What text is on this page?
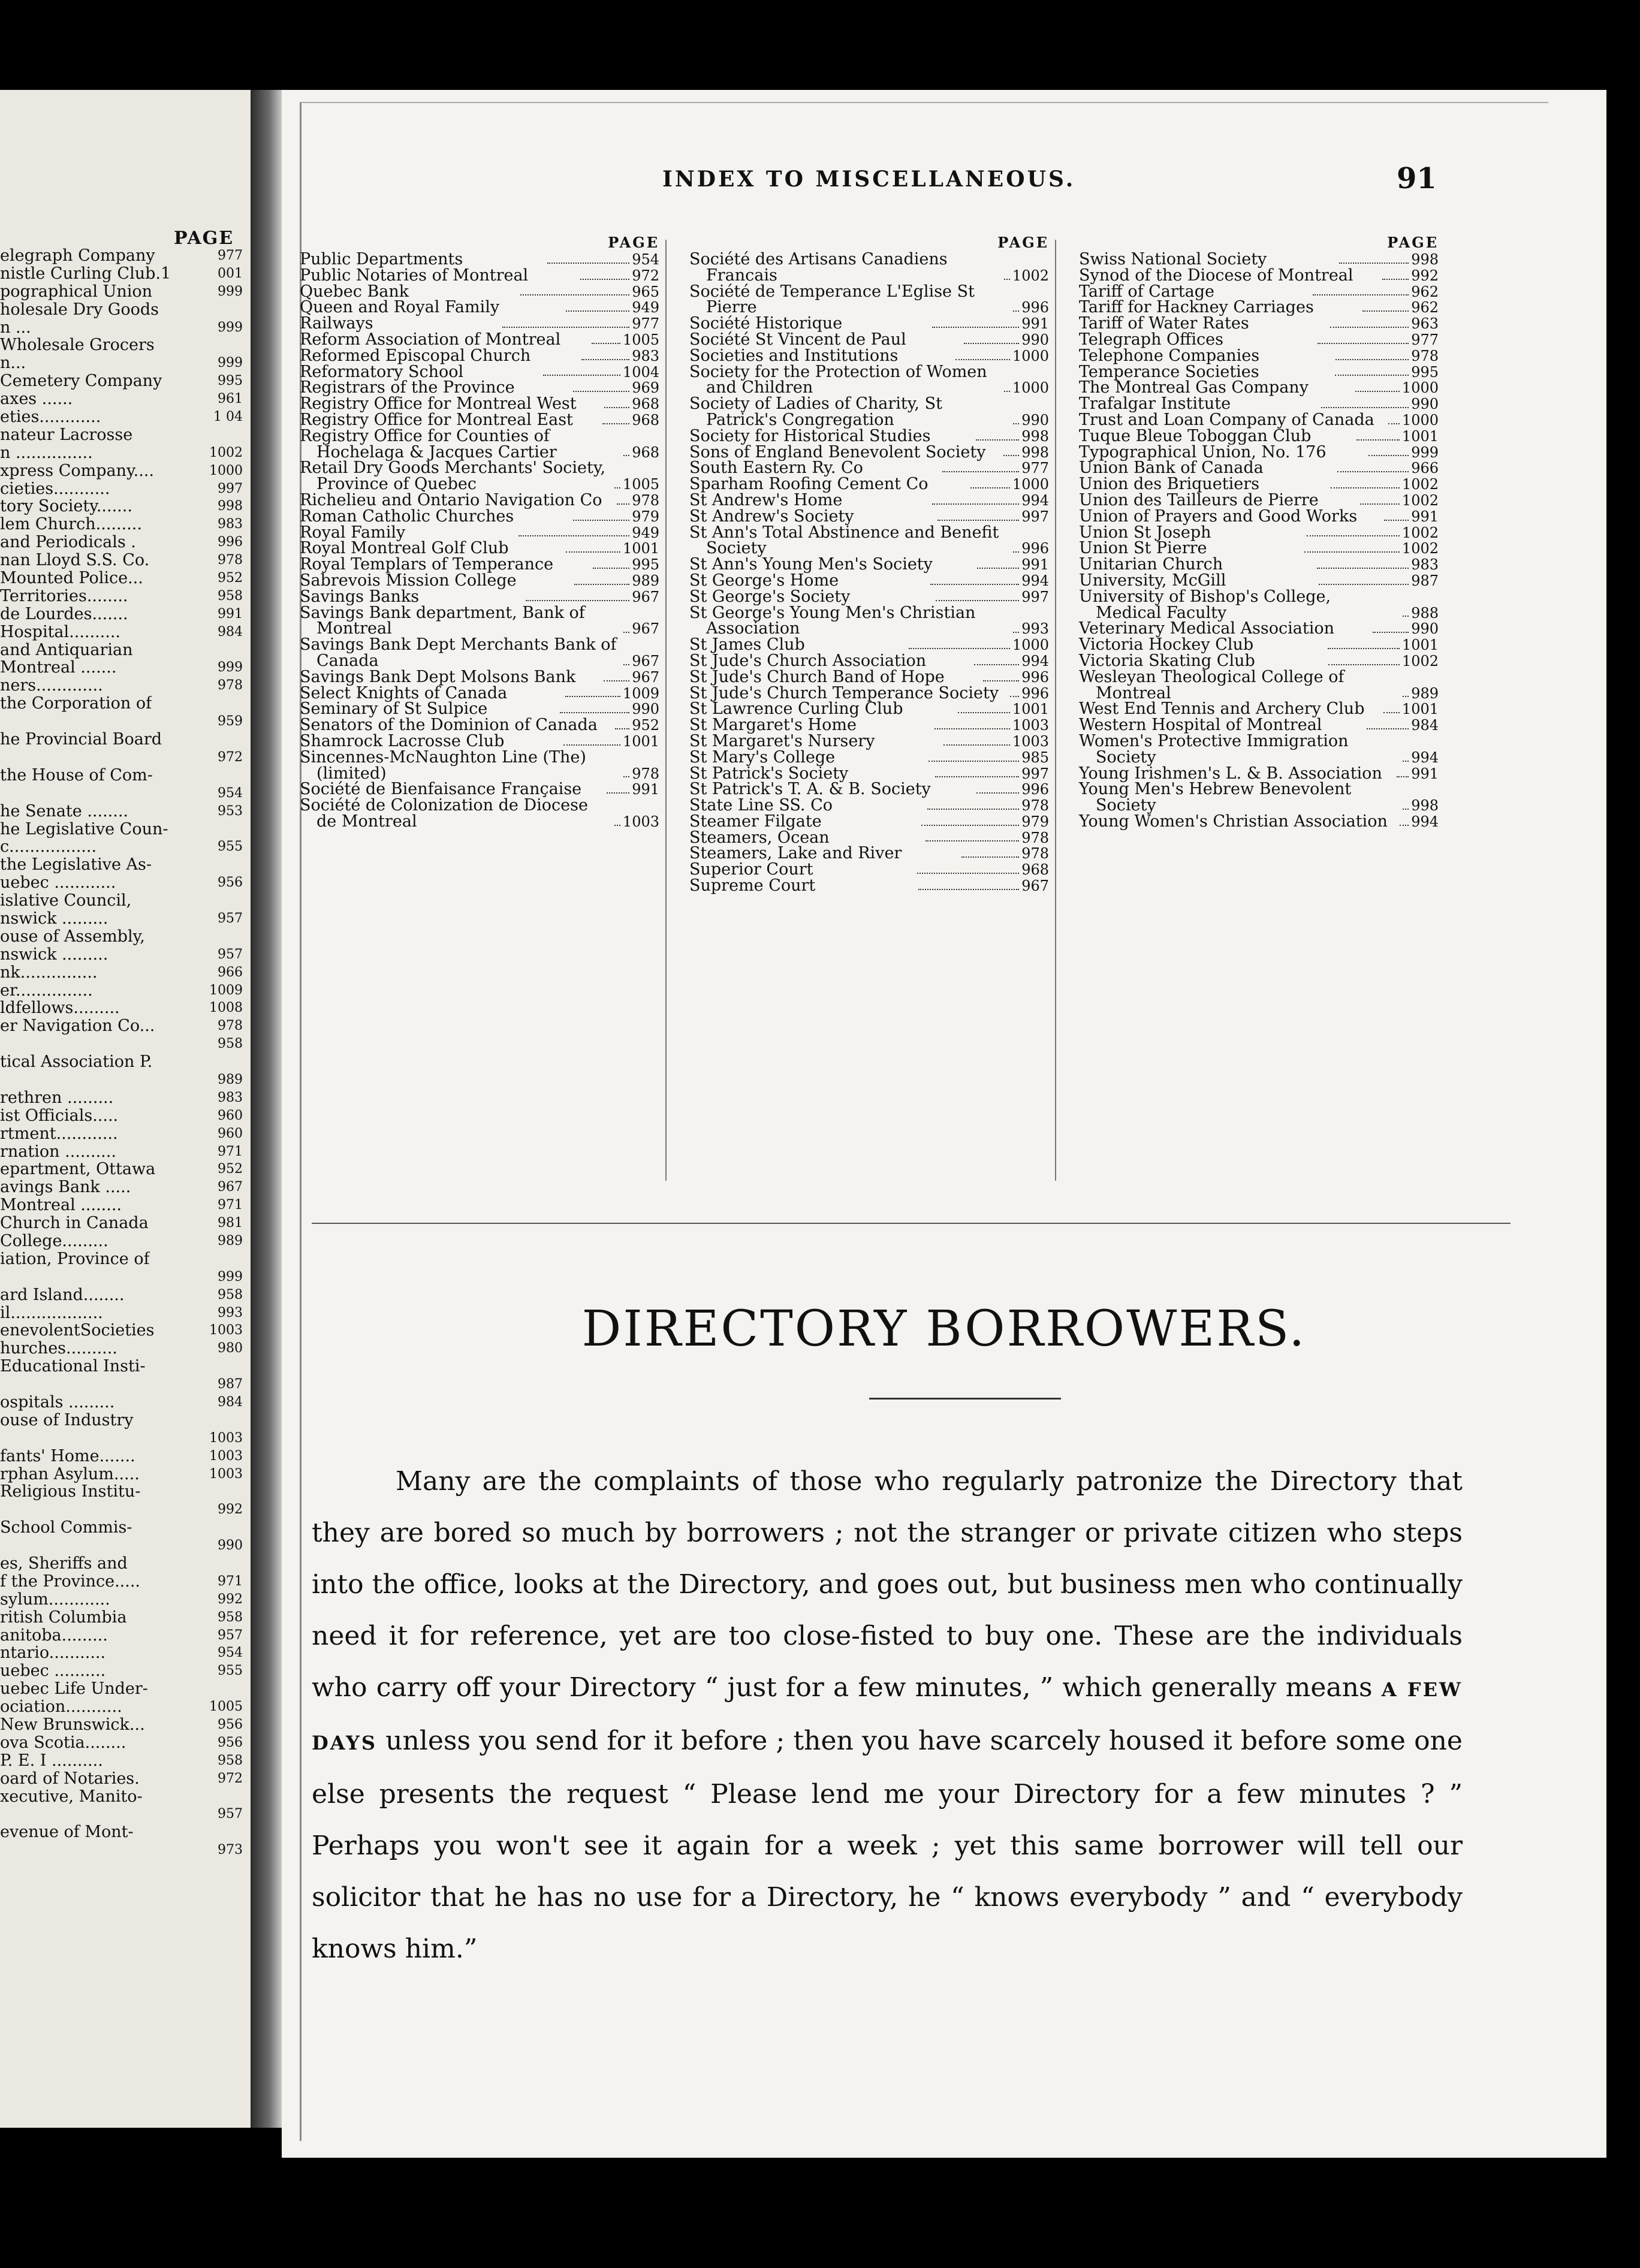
PAGE
elegraph Company	977
nistle Curling Club.1	001
pographical Union	999
holesale Dry Goods
n ...	999
Wholesale Grocers
n...	999
Cemetery Company	995
axes ......	961
eties............	1 04
nateur Lacrosse
n ...............	1002
xpress Company....	1000
cieties...........	997
tory Society.......	998
lem Church.........	983
and Periodicals .	996
nan Lloyd S.S. Co.	978
Mounted Police...	952
Territories........	958
de Lourdes.......	991
Hospital..........	984
and Antiquarian
Montreal .......	999
ners.............	978
the Corporation of
959
he Provincial Board
972
the House of Com-
954
he Senate ........	953
he Legislative Coun-
c.................	955
the Legislative As-
uebec ............	956
islative Council,
nswick .........	957
ouse of Assembly,
nswick .........	957
nk...............	966
er...............	1009
ldfellows.........	1008
er Navigation Co...	978
958
tical Association P.
989
rethren .........	983
ist Officials.....	960
rtment............	960
rnation ..........	971
epartment, Ottawa	952
avings Bank .....	967
Montreal ........	971
Church in Canada	981
College.........	989
iation, Province of
999
ard Island........	958
il..................	993
enevolentSocieties	1003
hurches..........	980
Educational Insti-
987
ospitals .........	984
ouse of Industry
1003
fants' Home.......	1003
rphan Asylum.....	1003
Religious Institu-
992
School Commis-
990
es, Sheriffs and
f the Province.....	971
sylum............	992
ritish Columbia	958
anitoba.........	957
ntario...........	954
uebec ..........	955
uebec Life Under-
ociation...........	1005
New Brunswick...	956
ova Scotia........	956
P. E. I ..........	958
oard of Notaries.	972
xecutive, Manito-
957
evenue of Mont-
973
INDEX TO MISCELLANEOUS.	91
PAGE
Public Departments	954
Public Notaries of Montreal	972
Quebec Bank	965
Queen and Royal Family	949
Railways	977
Reform Association of Montreal	1005
Reformed Episcopal Church	983
Reformatory School	1004
Registrars of the Province	969
Registry Office for Montreal West	968
Registry Office for Montreal East	968
Registry Office for Counties of Hochelaga & Jacques Cartier	968
Retail Dry Goods Merchants' Society, Province of Quebec	1005
Richelieu and Ontario Navigation Co	978
Roman Catholic Churches	979
Royal Family	949
Royal Montreal Golf Club	1001
Royal Templars of Temperance	995
Sabrevois Mission College	989
Savings Banks	967
Savings Bank department, Bank of Montreal	967
Savings Bank Dept Merchants Bank of Canada	967
Savings Bank Dept Molsons Bank	967
Select Knights of Canada	1009
Seminary of St Sulpice	990
Senators of the Dominion of Canada	952
Shamrock Lacrosse Club	1001
Sincennes-McNaughton Line (The) (limited)	978
Société de Bienfaisance Française	991
Société de Colonization de Diocese de Montreal	1003
PAGE
Société des Artisans Canadiens Francais	1002
Société de Temperance L'Eglise St Pierre	996
Société Historique	991
Société St Vincent de Paul	990
Societies and Institutions	1000
Society for the Protection of Women and Children	1000
Society of Ladies of Charity, St Patrick's Congregation	990
Society for Historical Studies	998
Sons of England Benevolent Society	998
South Eastern Ry. Co	977
Sparham Roofing Cement Co	1000
St Andrew's Home	994
St Andrew's Society	997
St Ann's Total Abstinence and Benefit Society	996
St Ann's Young Men's Society	991
St George's Home	994
St George's Society	997
St George's Young Men's Christian Association	993
St James Club	1000
St Jude's Church Association	994
St Jude's Church Band of Hope	996
St Jude's Church Temperance Society	996
St Lawrence Curling Club	1001
St Margaret's Home	1003
St Margaret's Nursery	1003
St Mary's College	985
St Patrick's Society	997
St Patrick's T. A. & B. Society	996
State Line SS. Co	978
Steamer Filgate	979
Steamers, Ocean	978
Steamers, Lake and River	978
Superior Court	968
Supreme Court	967
PAGE
Swiss National Society	998
Synod of the Diocese of Montreal	992
Tariff of Cartage	962
Tariff for Hackney Carriages	962
Tariff of Water Rates	963
Telegraph Offices	977
Telephone Companies	978
Temperance Societies	995
The Montreal Gas Company	1000
Trafalgar Institute	990
Trust and Loan Company of Canada	1000
Tuque Bleue Toboggan Club	1001
Typographical Union, No. 176	999
Union Bank of Canada	966
Union des Briquetiers	1002
Union des Tailleurs de Pierre	1002
Union of Prayers and Good Works	991
Union St Joseph	1002
Union St Pierre	1002
Unitarian Church	983
University, McGill	987
University of Bishop's College, Medical Faculty	988
Veterinary Medical Association	990
Victoria Hockey Club	1001
Victoria Skating Club	1002
Wesleyan Theological College of Montreal	989
West End Tennis and Archery Club	1001
Western Hospital of Montreal	984
Women's Protective Immigration Society	994
Young Irishmen's L. & B. Association	991
Young Men's Hebrew Benevolent Society	998
Young Women's Christian Association	994
DIRECTORY BORROWERS.

Many are the complaints of those who regularly patronize the Directory that they are bored so much by borrowers ; not the stranger or private citizen who steps into the office, looks at the Directory, and goes out, but business men who continually need it for reference, yet are too close-fisted to buy one. These are the individuals who carry off your Directory “ just for a few minutes, ” which generally means A FEW DAYS unless you send for it before ; then you have scarcely housed it before some one else presents the request “ Please lend me your Directory for a few minutes ? ” Perhaps you won't see it again for a week ; yet this same borrower will tell our solicitor that he has no use for a Directory, he “ knows everybody ” and “ everybody knows him.”
